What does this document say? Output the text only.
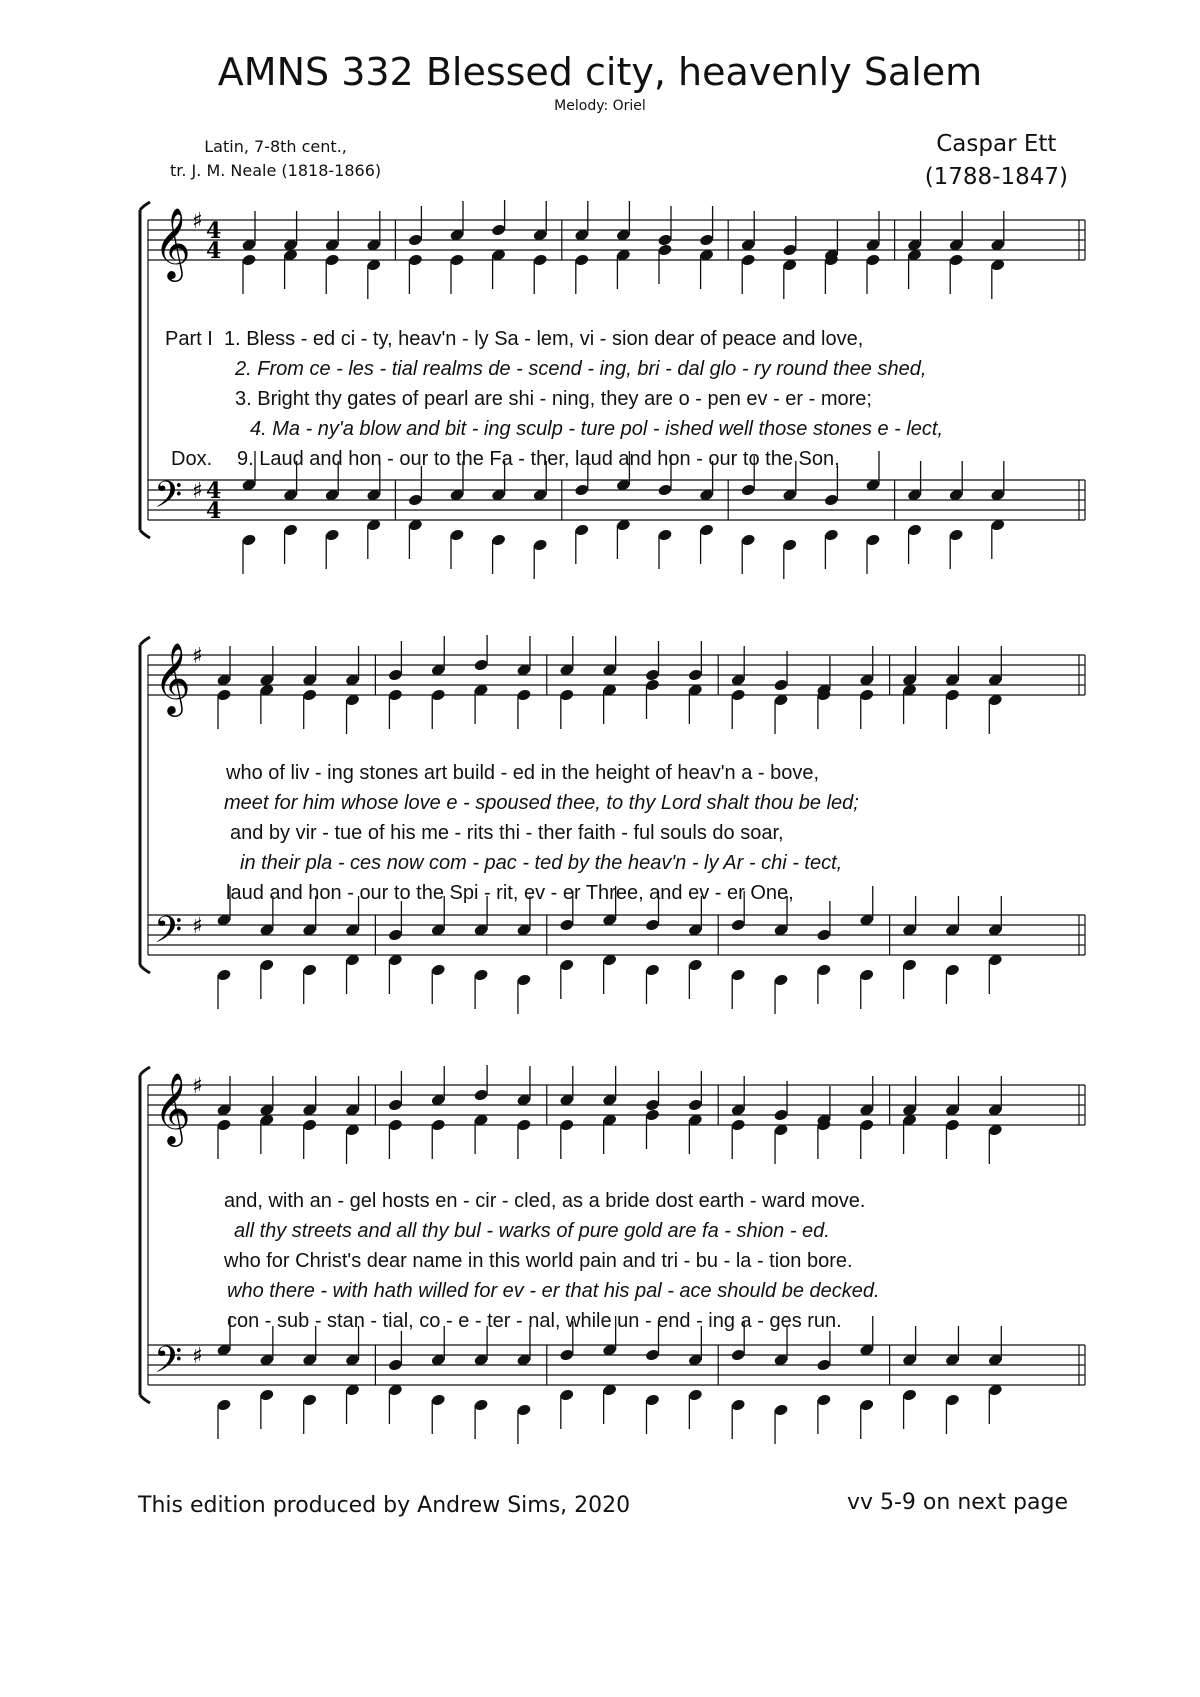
AMNS 332 Blessed city, heavenly Salem
Melody: Oriel
Latin, 7-8th cent.,
tr. J. M. Neale (1818-1866)
Caspar Ett
(1788-1847)
𝄞
𝄢
♯
♯
4
4
4
4
Part I
Dox.
1. Bless - ed ci - ty, heav'n - ly Sa - lem, vi - sion dear of peace and love,
2. From ce - les - tial realms de - scend - ing, bri - dal glo - ry round thee shed,
3. Bright thy gates of pearl are shi - ning, they are o - pen ev - er - more;
4. Ma - ny'a blow and bit - ing sculp - ture pol - ished well those stones e - lect,
9. Laud and hon - our to the Fa - ther, laud and hon - our to the Son,
𝄞
𝄢
♯
♯
who of liv - ing stones art build - ed in the height of heav'n a - bove,
meet for him whose love e - spoused thee, to thy Lord shalt thou be led;
and by vir - tue of his me - rits thi - ther faith - ful souls do soar,
in their pla - ces now com - pac - ted by the heav'n - ly Ar - chi - tect,
laud and hon - our to the Spi - rit, ev - er Three, and ev - er One,
𝄞
𝄢
♯
♯
and, with an - gel hosts en - cir - cled, as a bride dost earth - ward move.
all thy streets and all thy bul - warks of pure gold are fa - shion - ed.
who for Christ's dear name in this world pain and tri - bu - la - tion bore.
who there - with hath willed for ev - er that his pal - ace should be decked.
con - sub - stan - tial, co - e - ter - nal, while un - end - ing a - ges run.
This edition produced by Andrew Sims, 2020	vv 5-9 on next page
